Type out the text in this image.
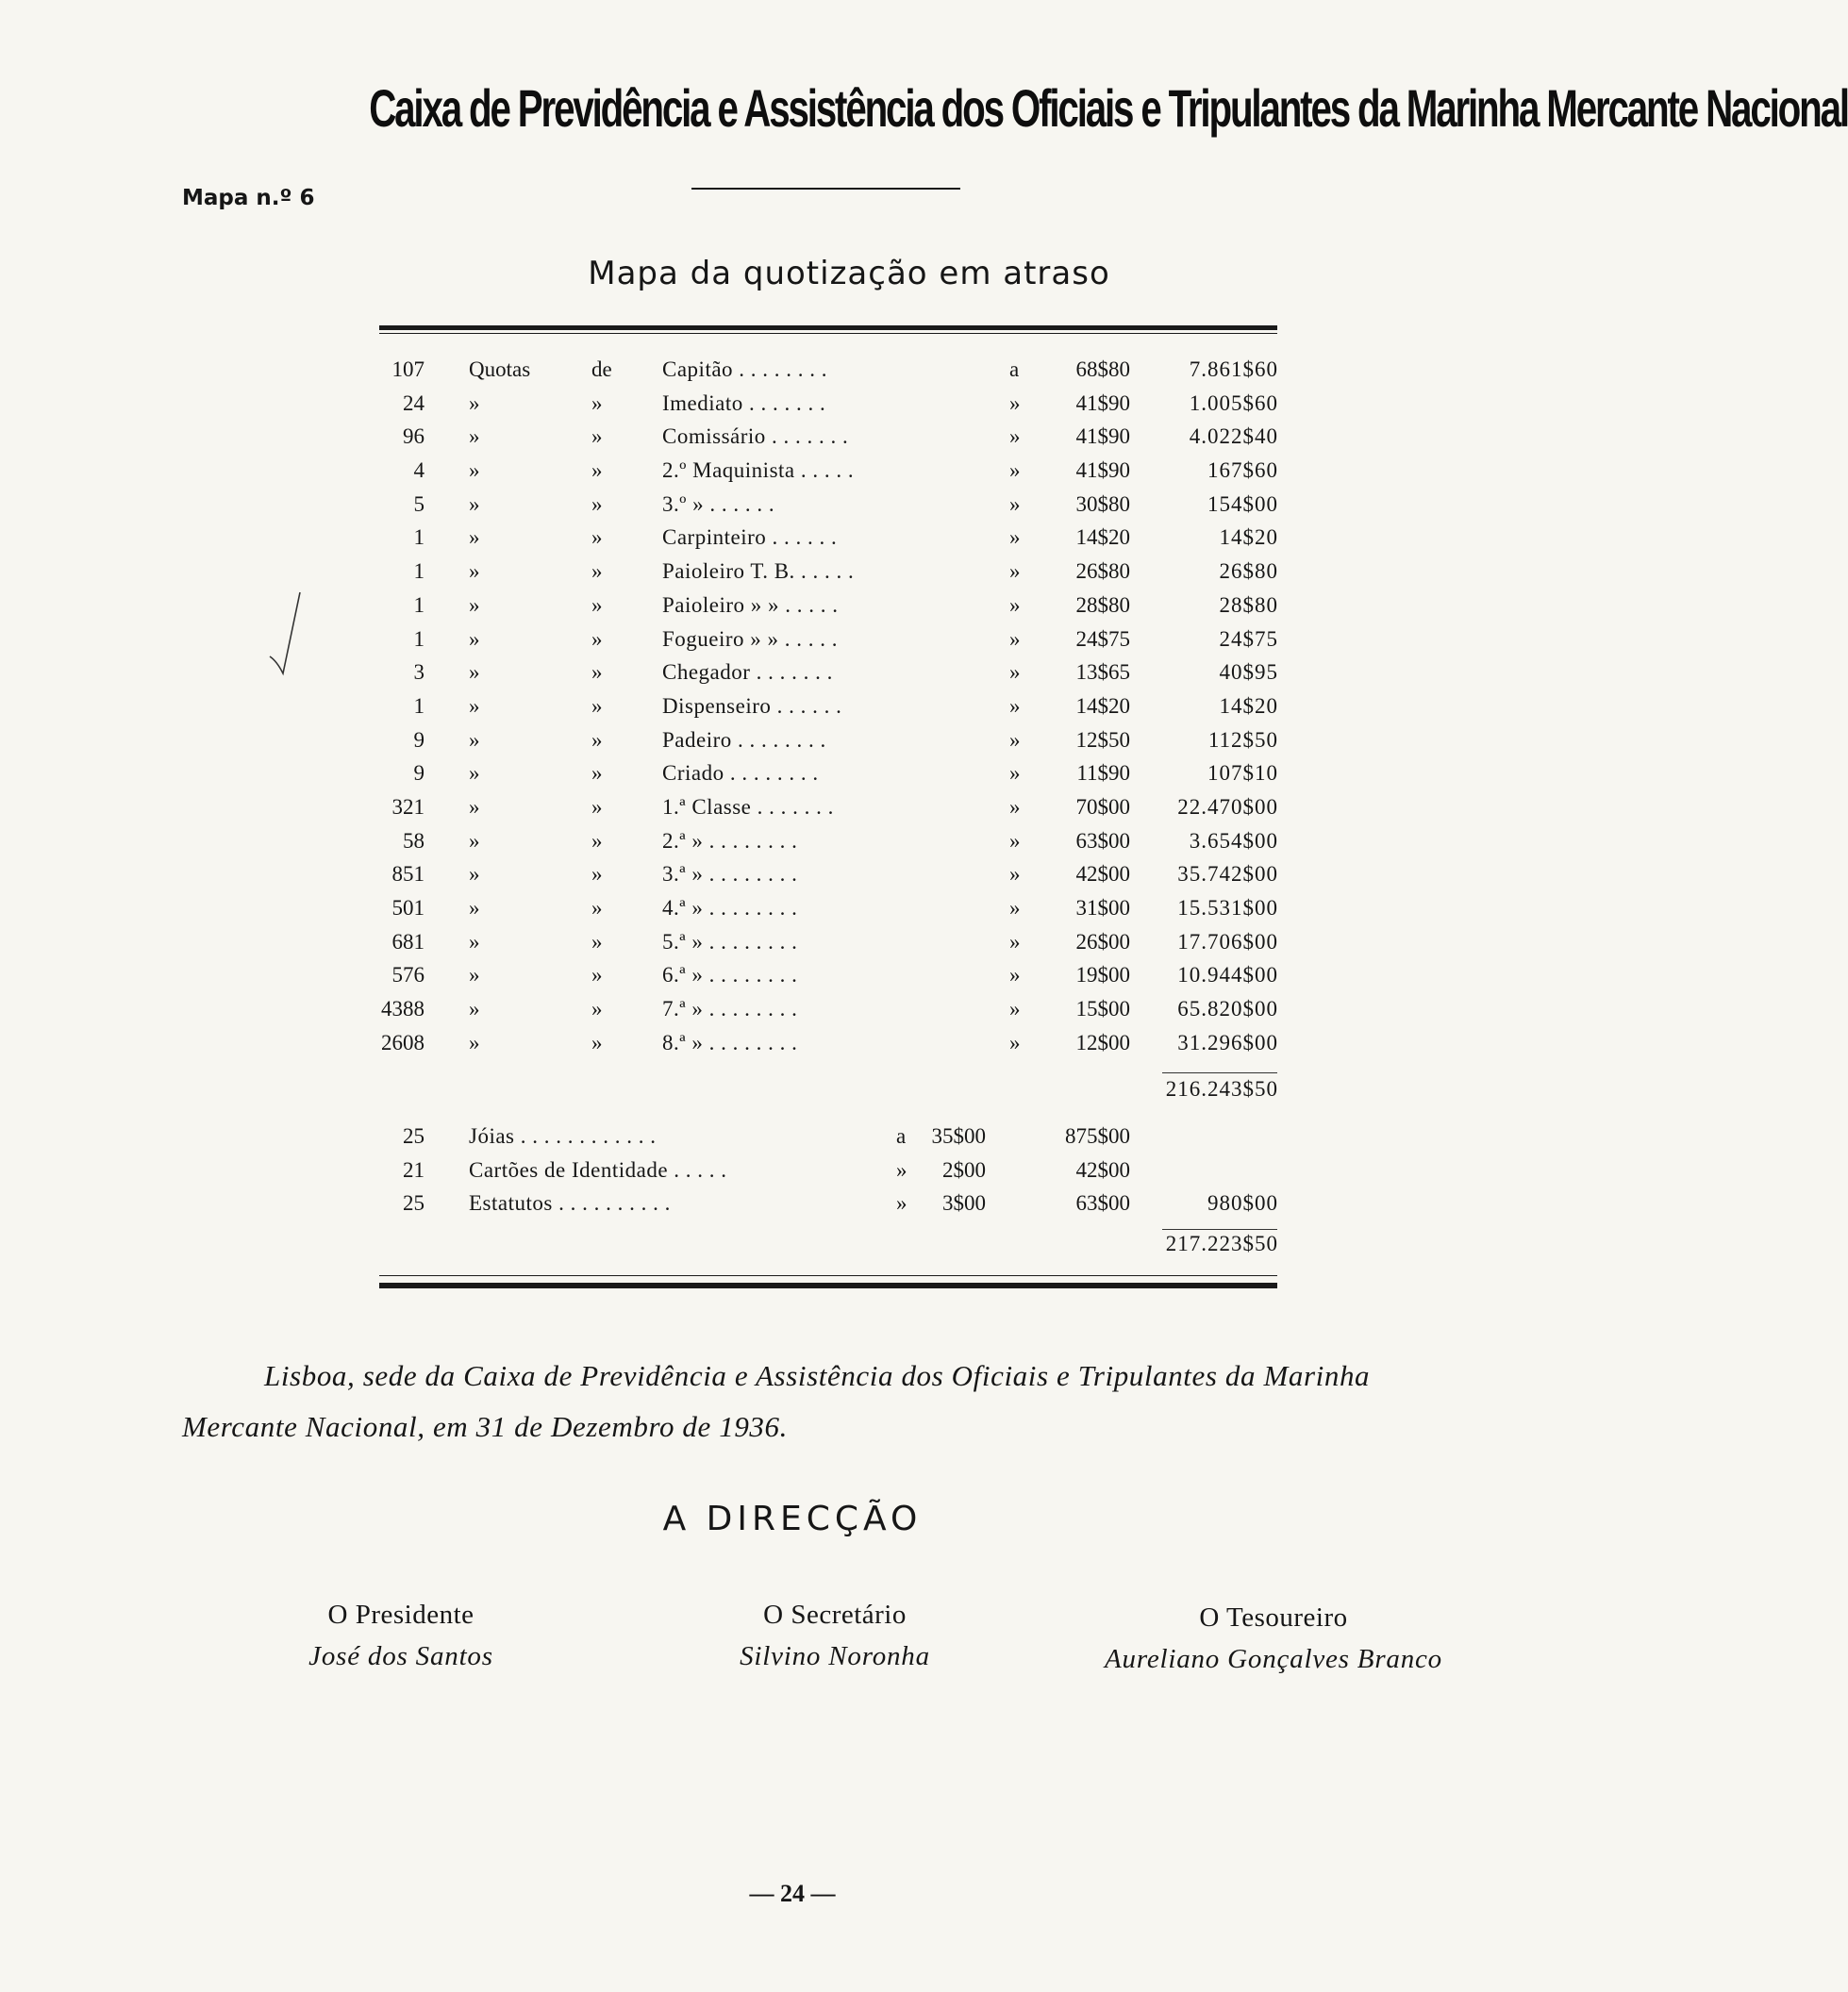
Caixa de Previdência e Assistência dos Oficiais e Tripulantes da Marinha Mercante Nacional
Mapa n.º 6
Mapa da quotização em atraso
107 Quotas	de Capitão . . . . . . . .	a	68$80	7.861$60
24 »	»	Imediato . . . . . . .	»	41$90	1.005$60
96 »	»	Comissário . . . . . . .	»	41$90	4.022$40
4 »	»	2.º Maquinista . . . . .	»	41$90	167$60
5 »	»	3.º » . . . . . .	»	30$80	154$00
1 »	»	Carpinteiro . . . . . .	»	14$20	14$20
1 »	»	Paioleiro T. B. . . . . .	»	26$80	26$80
1 »	»	Paioleiro » » . . . . .	»	28$80	28$80
1 »	»	Fogueiro » » . . . . .	»	24$75	24$75
3 »	»	Chegador . . . . . . .	»	13$65	40$95
1 »	»	Dispenseiro . . . . . .	»	14$20	14$20
9 »	»	Padeiro . . . . . . . .	»	12$50	112$50
9 »	»	Criado . . . . . . . .	»	11$90	107$10
321 »	»	1.ª Classe . . . . . . .	»	70$00	22.470$00
58 »	»	2.ª » . . . . . . . .	»	63$00	3.654$00
851 »	»	3.ª » . . . . . . . .	»	42$00	35.742$00
501 »	»	4.ª » . . . . . . . .	»	31$00	15.531$00
681 »	»	5.ª » . . . . . . . .	»	26$00	17.706$00
576 »	»	6.ª » . . . . . . . .	»	19$00	10.944$00
4388 »	»	7.ª » . . . . . . . .	»	15$00	65.820$00
2608 »	»	8.ª » . . . . . . . .	»	12$00	31.296$00
216.243$50
25 Jóias . . . . . . . . . . . .	a	35$00	875$00
21 Cartões de Identidade . . . . .	»	2$00	42$00
25 Estatutos . . . . . . . . . .	»	3$00	63$00	980$00
217.223$50
Lisboa, sede da Caixa de Previdência e Assistência dos Oficiais e Tripulantes da Marinha Mercante Nacional, em 31 de Dezembro de 1936.
A DIRECÇÃO
O Presidente
José dos Santos
O Secretário
Silvino Noronha
O Tesoureiro
Aureliano Gonçalves Branco
— 24 —
